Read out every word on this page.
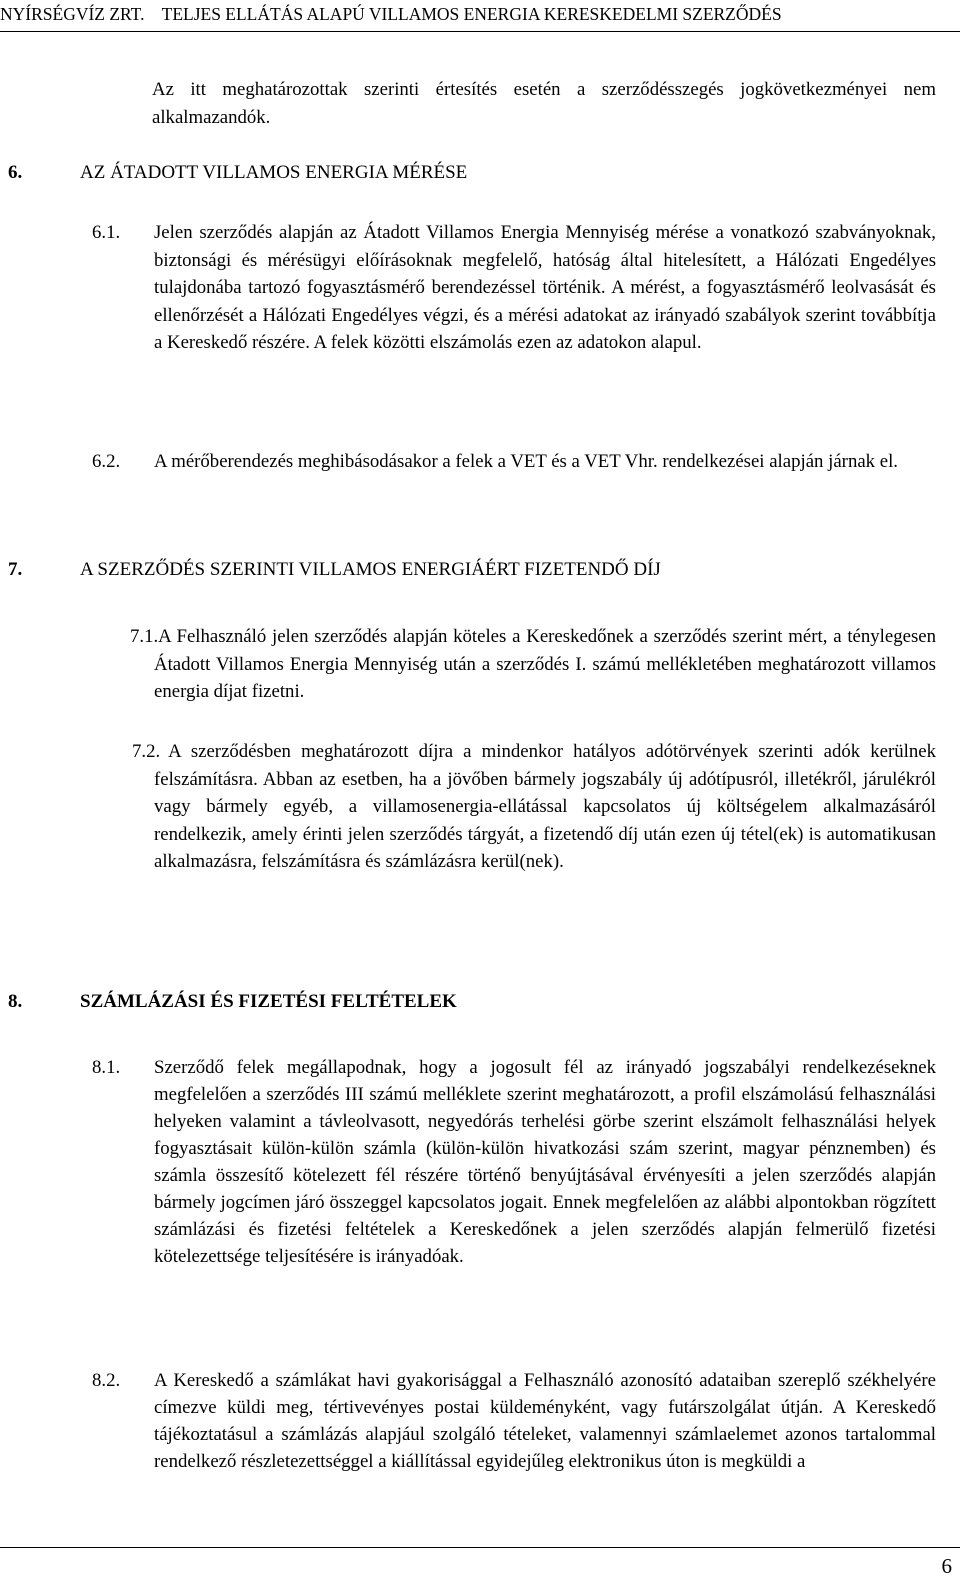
NYÍRSÉGVÍZ ZRT.    TELJES ELLÁTÁS ALAPÚ VILLAMOS ENERGIA KERESKEDELMI SZERZŐDÉS
Az itt meghatározottak szerinti értesítés esetén a szerződésszegés jogkövetkezményei nem alkalmazandók.
6.	AZ ÁTADOTT VILLAMOS ENERGIA MÉRÉSE
6.1.	Jelen szerződés alapján az Átadott Villamos Energia Mennyiség mérése a vonatkozó szabványoknak, biztonsági és mérésügyi előírásoknak megfelelő, hatóság által hitelesített, a Hálózati Engedélyes tulajdonába tartozó fogyasztásmérő berendezéssel történik. A mérést, a fogyasztásmérő leolvasását és ellenőrzését a Hálózati Engedélyes végzi, és a mérési adatokat az irányadó szabályok szerint továbbítja a Kereskedő részére. A felek közötti elszámolás ezen az adatokon alapul.
6.2.	A mérőberendezés meghibásodásakor a felek a VET és a VET Vhr. rendelkezései alapján járnak el.
7.	A SZERZŐDÉS SZERINTI VILLAMOS ENERGIÁÉRT FIZETENDŐ DÍJ
7.1.A Felhasználó jelen szerződés alapján köteles a Kereskedőnek a szerződés szerint mért, a ténylegesen Átadott Villamos Energia Mennyiség után a szerződés I. számú mellékletében meghatározott villamos energia díjat fizetni.
7.2. A szerződésben meghatározott díjra a mindenkor hatályos adótörvények szerinti adók kerülnek felszámításra. Abban az esetben, ha a jövőben bármely jogszabály új adótípusról, illetékről, járulékról vagy bármely egyéb, a villamosenergia-ellátással kapcsolatos új költségelem alkalmazásáról rendelkezik, amely érinti jelen szerződés tárgyát, a fizetendő díj után ezen új tétel(ek) is automatikusan alkalmazásra, felszámításra és számlázásra kerül(nek).
8.	SZÁMLÁZÁSI ÉS FIZETÉSI FELTÉTELEK
8.1.	Szerződő felek megállapodnak, hogy a jogosult fél az irányadó jogszabályi rendelkezéseknek megfelelően a szerződés III számú melléklete szerint meghatározott, a profil elszámolású felhasználási helyeken valamint a távleolvasott, negyedórás terhelési görbe szerint elszámolt felhasználási helyek fogyasztásait külön-külön számla (külön-külön hivatkozási szám szerint, magyar pénznemben) és számla összesítő kötelezett fél részére történő benyújtásával érvényesíti a jelen szerződés alapján bármely jogcímen járó összeggel kapcsolatos jogait. Ennek megfelelően az alábbi alpontokban rögzített számlázási és fizetési feltételek a Kereskedőnek a jelen szerződés alapján felmerülő fizetési kötelezettsége teljesítésére is irányadóak.
8.2.	A Kereskedő a számlákat havi gyakorisággal a Felhasználó azonosító adataiban szereplő székhelyére címezve küldi meg, tértivevényes postai küldeményként, vagy futárszolgálat útján. A Kereskedő tájékoztatásul a számlázás alapjául szolgáló tételeket, valamennyi számlaelemet azonos tartalommal rendelkező részletezettséggel a kiállítással egyidejűleg elektronikus úton is megküldi a
6
